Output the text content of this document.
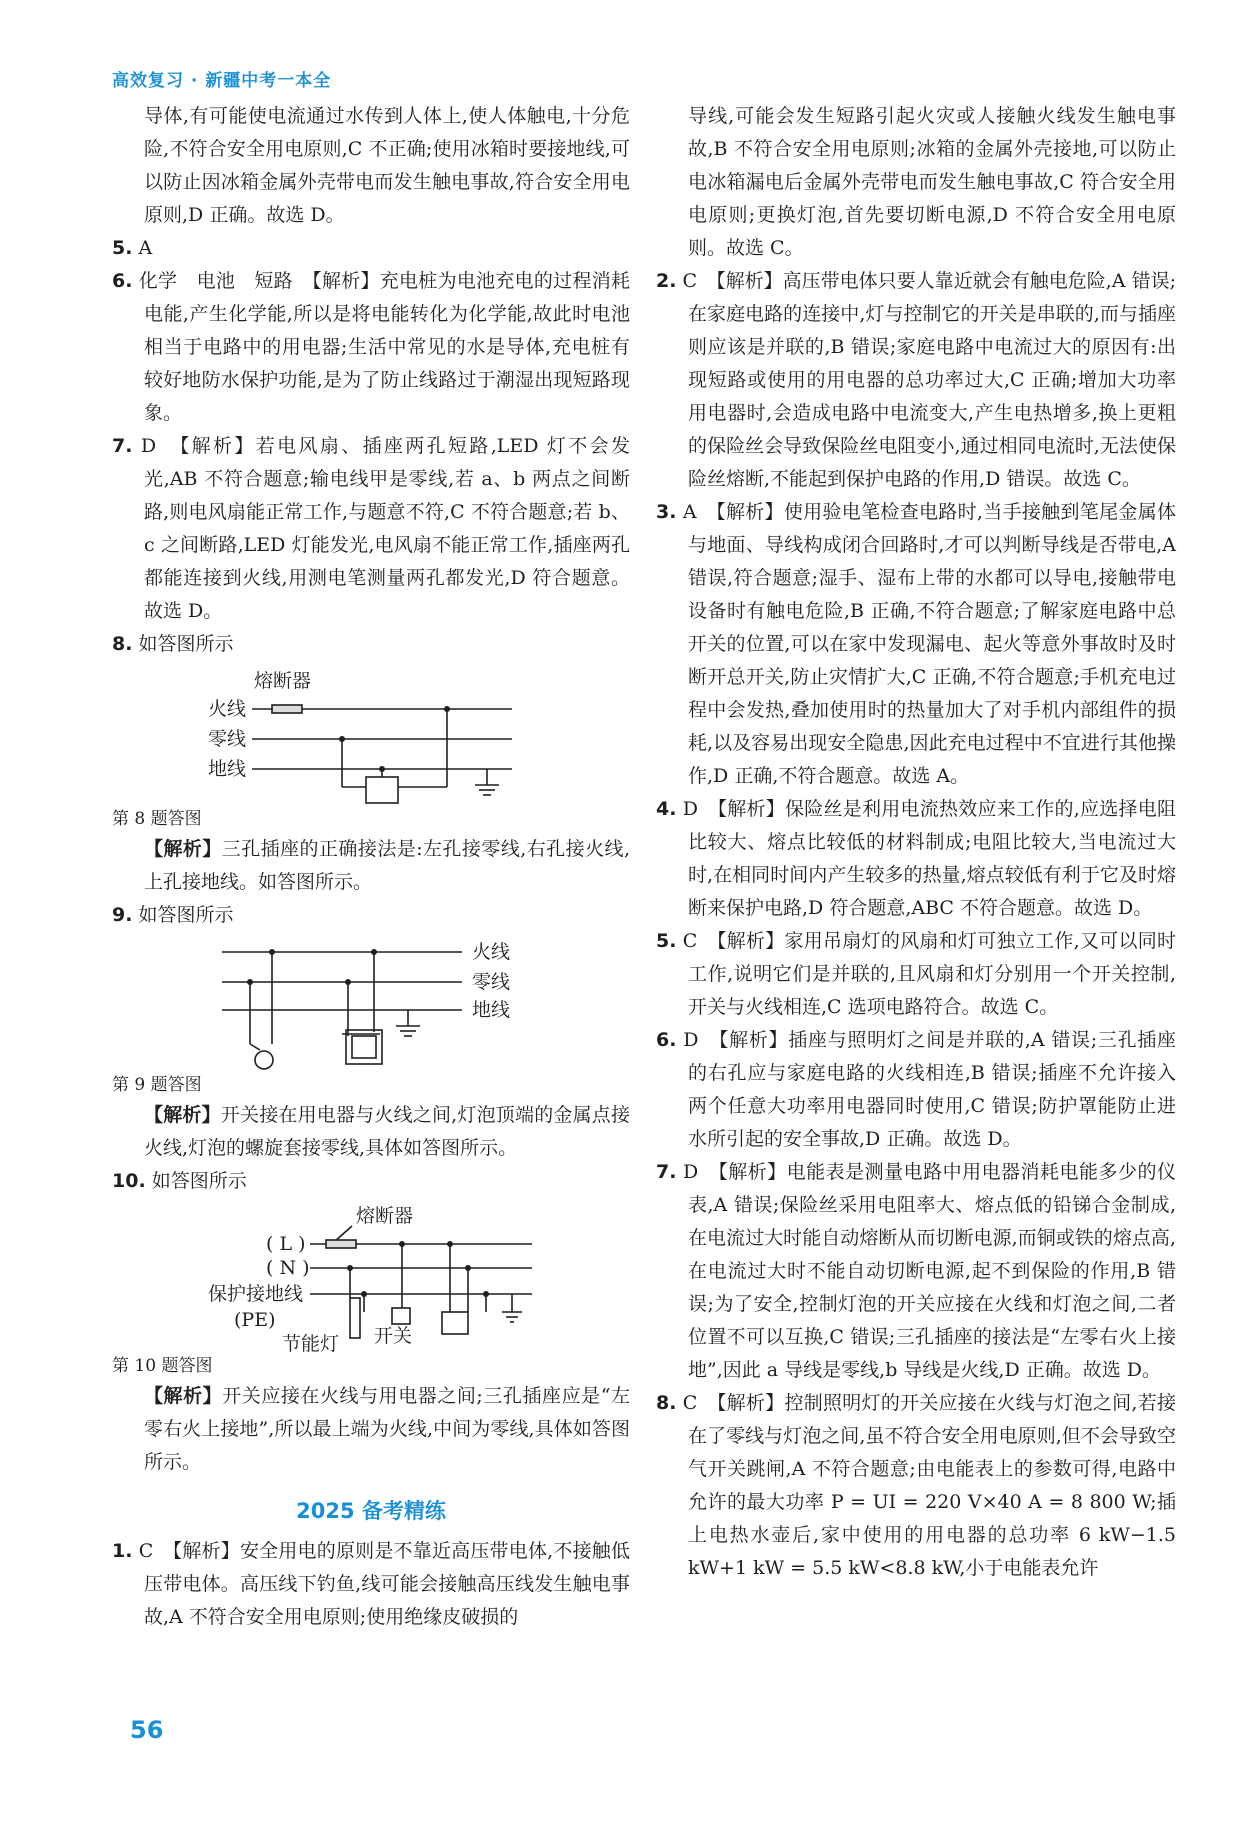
高效复习 · 新疆中考一本全

导体,有可能使电流通过水传到人体上,使人体触电,十分危险,不符合安全用电原则,C 不正确;使用冰箱时要接地线,可以防止因冰箱金属外壳带电而发生触电事故,符合安全用电原则,D 正确。故选 D。

5. A

6. 化学　电池　短路　【解析】充电桩为电池充电的过程消耗电能,产生化学能,所以是将电能转化为化学能,故此时电池相当于电路中的用电器;生活中常见的水是导体,充电桩有较好地防水保护功能,是为了防止线路过于潮湿出现短路现象。

7. D　【解析】若电风扇、插座两孔短路,LED 灯不会发光,AB 不符合题意;输电线甲是零线,若 a、b 两点之间断路,则电风扇能正常工作,与题意不符,C 不符合题意;若 b、c 之间断路,LED 灯能发光,电风扇不能正常工作,插座两孔都能连接到火线,用测电笔测量两孔都发光,D 符合题意。故选 D。

8. 如答图所示

熔断器
火线
零线
地线

第 8 题答图

【解析】三孔插座的正确接法是:左孔接零线,右孔接火线,上孔接地线。如答图所示。

9. 如答图所示

火线
零线
地线

第 9 题答图

【解析】开关接在用电器与火线之间,灯泡顶端的金属点接火线,灯泡的螺旋套接零线,具体如答图所示。

10. 如答图所示

熔断器
( L )
( N )
保护接地线
(PE)
节能灯 开关

第 10 题答图

【解析】开关应接在火线与用电器之间;三孔插座应是“左零右火上接地”,所以最上端为火线,中间为零线,具体如答图所示。

2025 备考精练

1. C　【解析】安全用电的原则是不靠近高压带电体,不接触低压带电体。高压线下钓鱼,线可能会接触高压线发生触电事故,A 不符合安全用电原则;使用绝缘皮破损的

导线,可能会发生短路引起火灾或人接触火线发生触电事故,B 不符合安全用电原则;冰箱的金属外壳接地,可以防止电冰箱漏电后金属外壳带电而发生触电事故,C 符合安全用电原则;更换灯泡,首先要切断电源,D 不符合安全用电原则。故选 C。

2. C　【解析】高压带电体只要人靠近就会有触电危险,A 错误;在家庭电路的连接中,灯与控制它的开关是串联的,而与插座则应该是并联的,B 错误;家庭电路中电流过大的原因有:出现短路或使用的用电器的总功率过大,C 正确;增加大功率用电器时,会造成电路中电流变大,产生电热增多,换上更粗的保险丝会导致保险丝电阻变小,通过相同电流时,无法使保险丝熔断,不能起到保护电路的作用,D 错误。故选 C。

3. A　【解析】使用验电笔检查电路时,当手接触到笔尾金属体与地面、导线构成闭合回路时,才可以判断导线是否带电,A 错误,符合题意;湿手、湿布上带的水都可以导电,接触带电设备时有触电危险,B 正确,不符合题意;了解家庭电路中总开关的位置,可以在家中发现漏电、起火等意外事故时及时断开总开关,防止灾情扩大,C 正确,不符合题意;手机充电过程中会发热,叠加使用时的热量加大了对手机内部组件的损耗,以及容易出现安全隐患,因此充电过程中不宜进行其他操作,D 正确,不符合题意。故选 A。

4. D　【解析】保险丝是利用电流热效应来工作的,应选择电阻比较大、熔点比较低的材料制成;电阻比较大,当电流过大时,在相同时间内产生较多的热量,熔点较低有利于它及时熔断来保护电路,D 符合题意,ABC 不符合题意。故选 D。

5. C　【解析】家用吊扇灯的风扇和灯可独立工作,又可以同时工作,说明它们是并联的,且风扇和灯分别用一个开关控制,开关与火线相连,C 选项电路符合。故选 C。

6. D　【解析】插座与照明灯之间是并联的,A 错误;三孔插座的右孔应与家庭电路的火线相连,B 错误;插座不允许接入两个任意大功率用电器同时使用,C 错误;防护罩能防止进水所引起的安全事故,D 正确。故选 D。

7. D　【解析】电能表是测量电路中用电器消耗电能多少的仪表,A 错误;保险丝采用电阻率大、熔点低的铅锑合金制成,在电流过大时能自动熔断从而切断电源,而铜或铁的熔点高,在电流过大时不能自动切断电源,起不到保险的作用,B 错误;为了安全,控制灯泡的开关应接在火线和灯泡之间,二者位置不可以互换,C 错误;三孔插座的接法是“左零右火上接地”,因此 a 导线是零线,b 导线是火线,D 正确。故选 D。

8. C　【解析】控制照明灯的开关应接在火线与灯泡之间,若接在了零线与灯泡之间,虽不符合安全用电原则,但不会导致空气开关跳闸,A 不符合题意;由电能表上的参数可得,电路中允许的最大功率 P = UI = 220 V×40 A = 8 800 W;插上电热水壶后,家中使用的用电器的总功率 6 kW−1.5 kW+1 kW = 5.5 kW<8.8 kW,小于电能表允许

56
